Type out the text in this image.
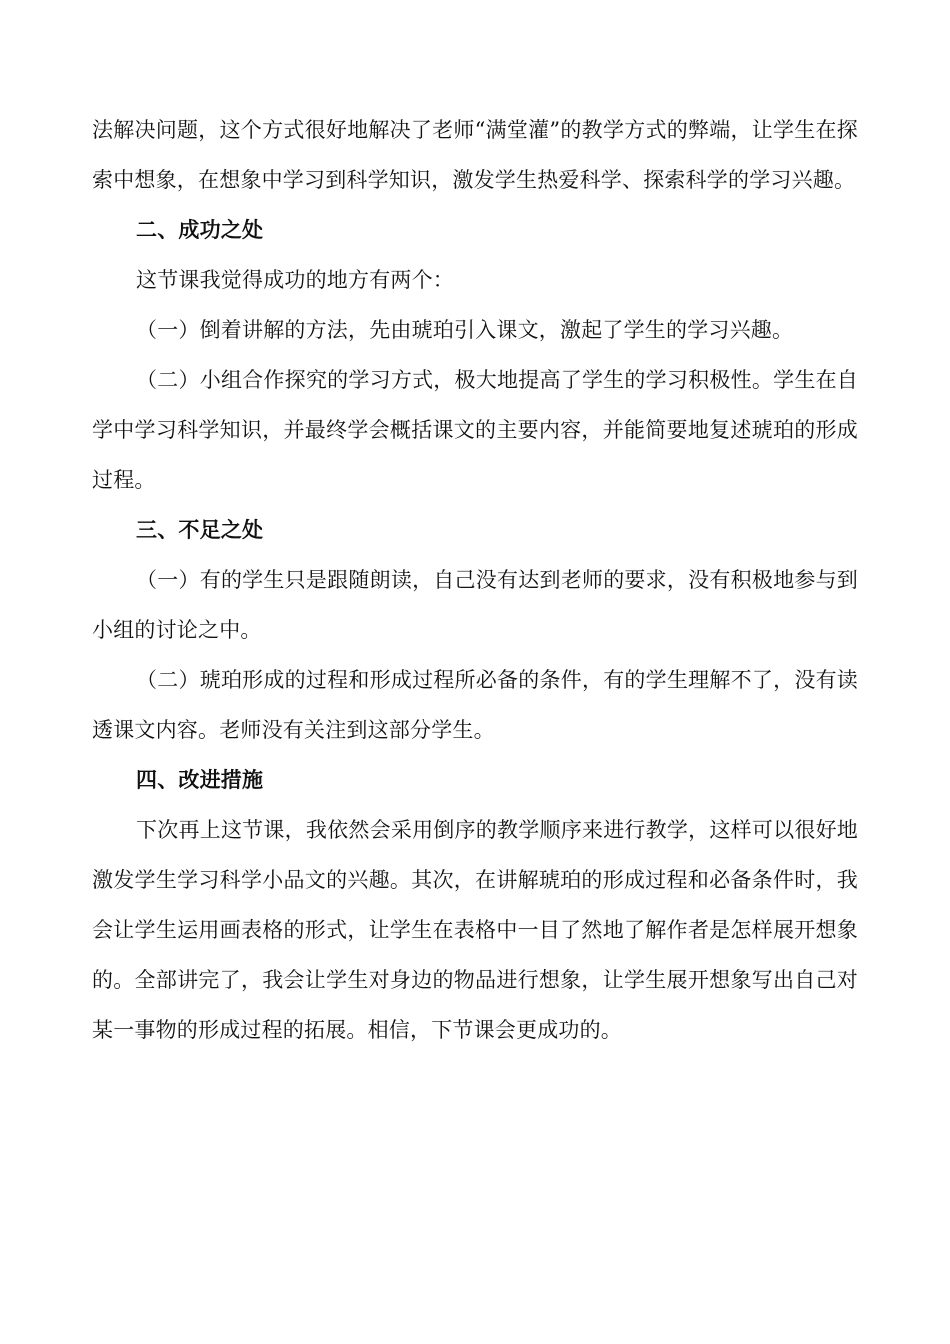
法解决问题，这个方式很好地解决了老师“满堂灌”的教学方式的弊端，让学生在探索中想象，在想象中学习到科学知识，激发学生热爱科学、探索科学的学习兴趣。

二、成功之处

这节课我觉得成功的地方有两个：

（一）倒着讲解的方法，先由琥珀引入课文，激起了学生的学习兴趣。

（二）小组合作探究的学习方式，极大地提高了学生的学习积极性。学生在自学中学习科学知识，并最终学会概括课文的主要内容，并能简要地复述琥珀的形成过程。

三、不足之处

（一）有的学生只是跟随朗读，自己没有达到老师的要求，没有积极地参与到小组的讨论之中。

（二）琥珀形成的过程和形成过程所必备的条件，有的学生理解不了，没有读透课文内容。老师没有关注到这部分学生。

四、改进措施

下次再上这节课，我依然会采用倒序的教学顺序来进行教学，这样可以很好地激发学生学习科学小品文的兴趣。其次，在讲解琥珀的形成过程和必备条件时，我会让学生运用画表格的形式，让学生在表格中一目了然地了解作者是怎样展开想象的。全部讲完了，我会让学生对身边的物品进行想象，让学生展开想象写出自己对某一事物的形成过程的拓展。相信，下节课会更成功的。
